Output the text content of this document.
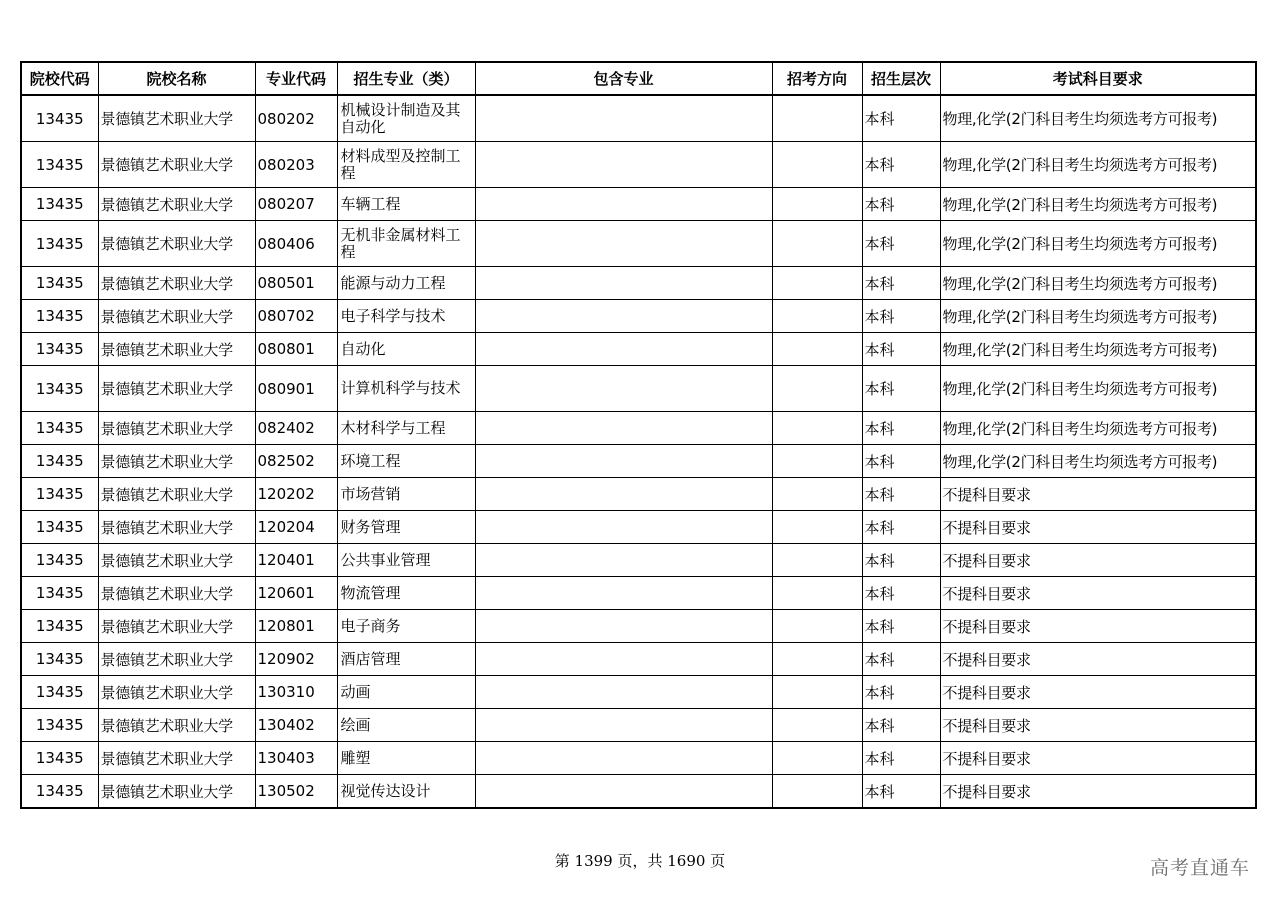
院校代码	院校名称	专业代码	招生专业（类）	包含专业	招考方向	招生层次	考试科目要求
13435	景德镇艺术职业大学	080202	机械设计制造及其自动化			本科	物理,化学(2门科目考生均须选考方可报考)
13435	景德镇艺术职业大学	080203	材料成型及控制工程			本科	物理,化学(2门科目考生均须选考方可报考)
13435	景德镇艺术职业大学	080207	车辆工程			本科	物理,化学(2门科目考生均须选考方可报考)
13435	景德镇艺术职业大学	080406	无机非金属材料工程			本科	物理,化学(2门科目考生均须选考方可报考)
13435	景德镇艺术职业大学	080501	能源与动力工程			本科	物理,化学(2门科目考生均须选考方可报考)
13435	景德镇艺术职业大学	080702	电子科学与技术			本科	物理,化学(2门科目考生均须选考方可报考)
13435	景德镇艺术职业大学	080801	自动化			本科	物理,化学(2门科目考生均须选考方可报考)
13435	景德镇艺术职业大学	080901	计算机科学与技术			本科	物理,化学(2门科目考生均须选考方可报考)
13435	景德镇艺术职业大学	082402	木材科学与工程			本科	物理,化学(2门科目考生均须选考方可报考)
13435	景德镇艺术职业大学	082502	环境工程			本科	物理,化学(2门科目考生均须选考方可报考)
13435	景德镇艺术职业大学	120202	市场营销			本科	不提科目要求
13435	景德镇艺术职业大学	120204	财务管理			本科	不提科目要求
13435	景德镇艺术职业大学	120401	公共事业管理			本科	不提科目要求
13435	景德镇艺术职业大学	120601	物流管理			本科	不提科目要求
13435	景德镇艺术职业大学	120801	电子商务			本科	不提科目要求
13435	景德镇艺术职业大学	120902	酒店管理			本科	不提科目要求
13435	景德镇艺术职业大学	130310	动画			本科	不提科目要求
13435	景德镇艺术职业大学	130402	绘画			本科	不提科目要求
13435	景德镇艺术职业大学	130403	雕塑			本科	不提科目要求
13435	景德镇艺术职业大学	130502	视觉传达设计			本科	不提科目要求
第 1399 页，共 1690 页	高考直通车
